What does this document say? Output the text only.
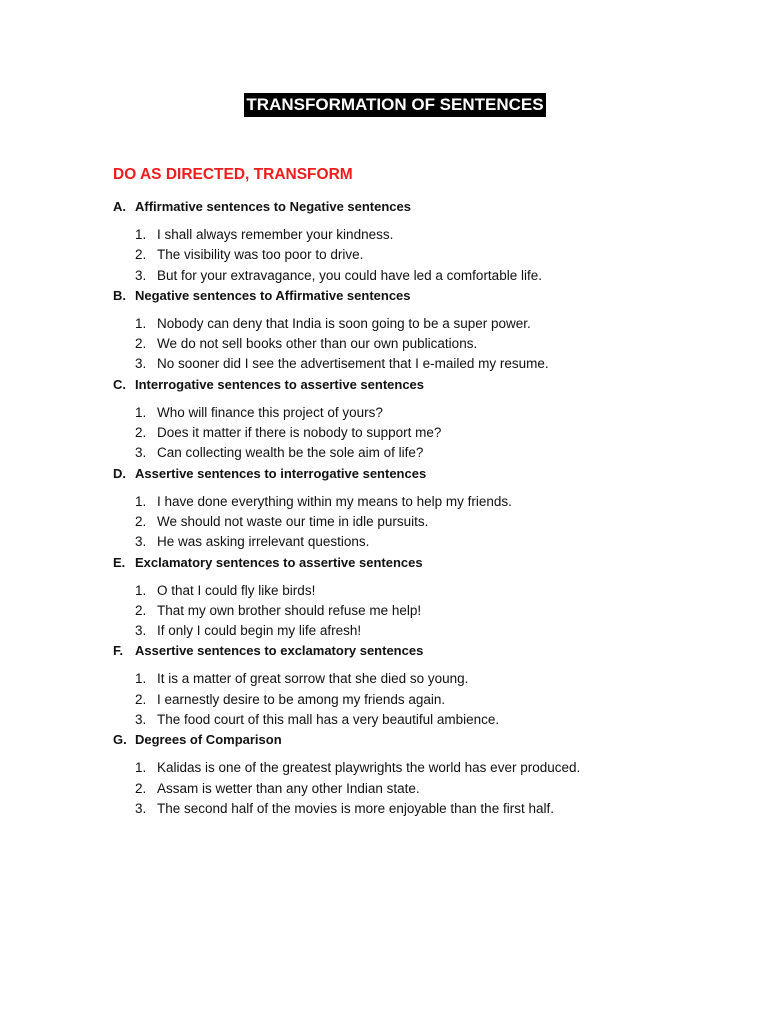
TRANSFORMATION OF SENTENCES
DO AS DIRECTED, TRANSFORM
A. Affirmative sentences to Negative sentences
1. I shall always remember your kindness.
2. The visibility was too poor to drive.
3. But for your extravagance, you could have led a comfortable life.
B. Negative sentences to Affirmative sentences
1. Nobody can deny that India is soon going to be a super power.
2. We do not sell books other than our own publications.
3. No sooner did I see the advertisement that I e-mailed my resume.
C. Interrogative sentences to assertive sentences
1. Who will finance this project of yours?
2. Does it matter if there is nobody to support me?
3. Can collecting wealth be the sole aim of life?
D. Assertive sentences to interrogative sentences
1. I have done everything within my means to help my friends.
2. We should not waste our time in idle pursuits.
3. He was asking irrelevant questions.
E. Exclamatory sentences to assertive sentences
1. O that I could fly like birds!
2. That my own brother should refuse me help!
3. If only I could begin my life afresh!
F. Assertive sentences to exclamatory sentences
1. It is a matter of great sorrow that she died so young.
2. I earnestly desire to be among my friends again.
3. The food court of this mall has a very beautiful ambience.
G. Degrees of Comparison
1. Kalidas is one of the greatest playwrights the world has ever produced.
2. Assam is wetter than any other Indian state.
3. The second half of the movies is more enjoyable than the first half.
